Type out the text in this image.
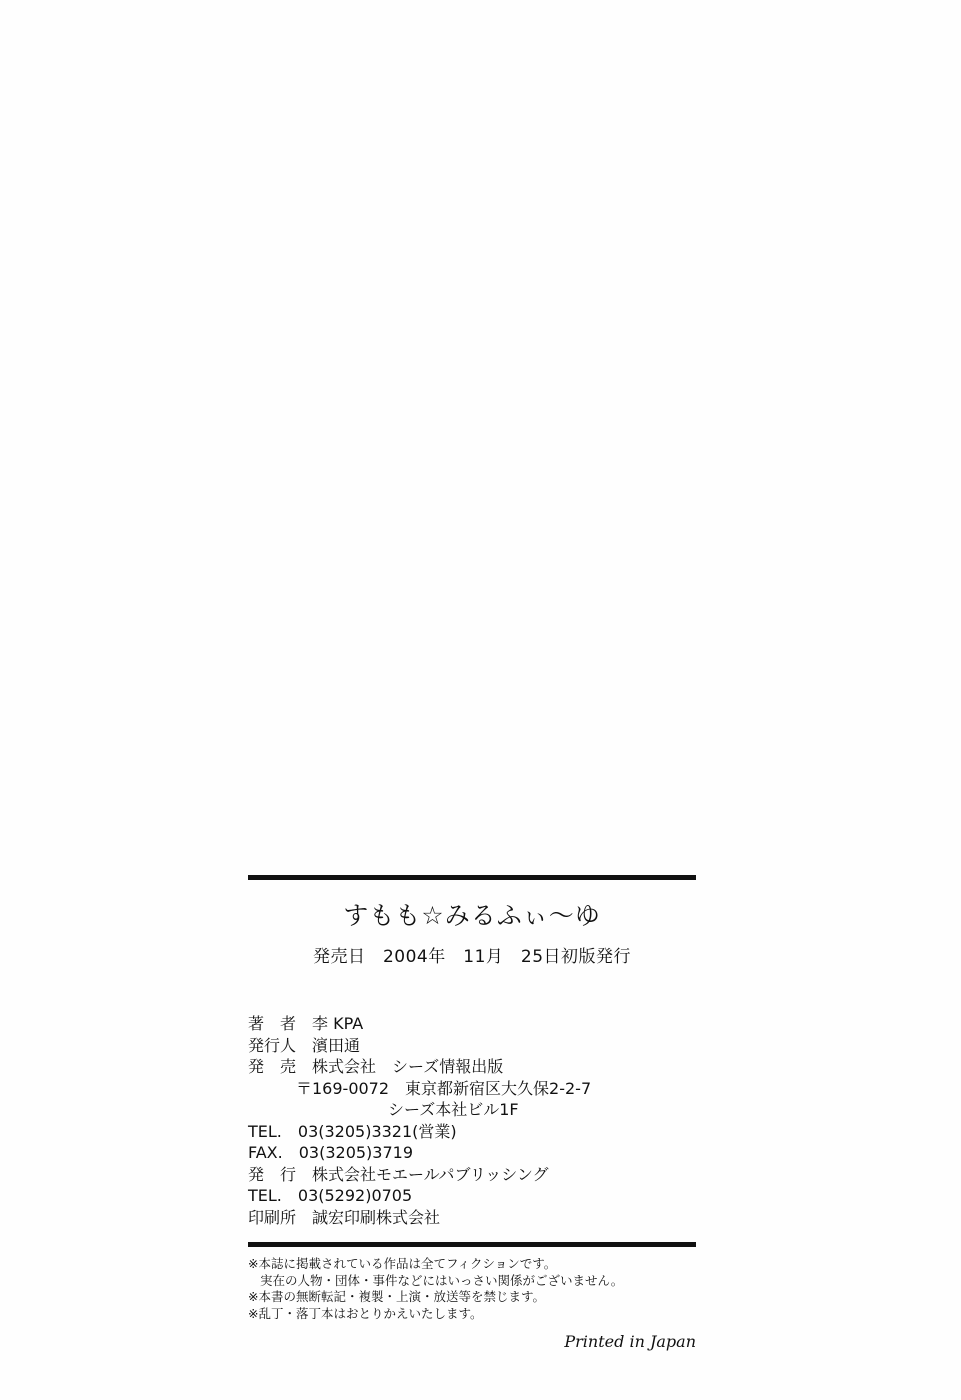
すもも☆みるふぃ～ゆ
発売日　2004年　11月　25日初版発行
著　者　李 KPA
発行人　濱田通
発　売　株式会社　シーズ情報出版
〒169-0072　東京都新宿区大久保2-2-7
シーズ本社ビル1F
TEL.　03(3205)3321(営業)
FAX.　03(3205)3719
発　行　株式会社モエールパブリッシング
TEL.　03(5292)0705
印刷所　誠宏印刷株式会社
※本誌に掲載されている作品は全てフィクションです。
実在の人物・団体・事件などにはいっさい関係がございません。
※本書の無断転記・複製・上演・放送等を禁じます。
※乱丁・落丁本はおとりかえいたします。
Printed in Japan
